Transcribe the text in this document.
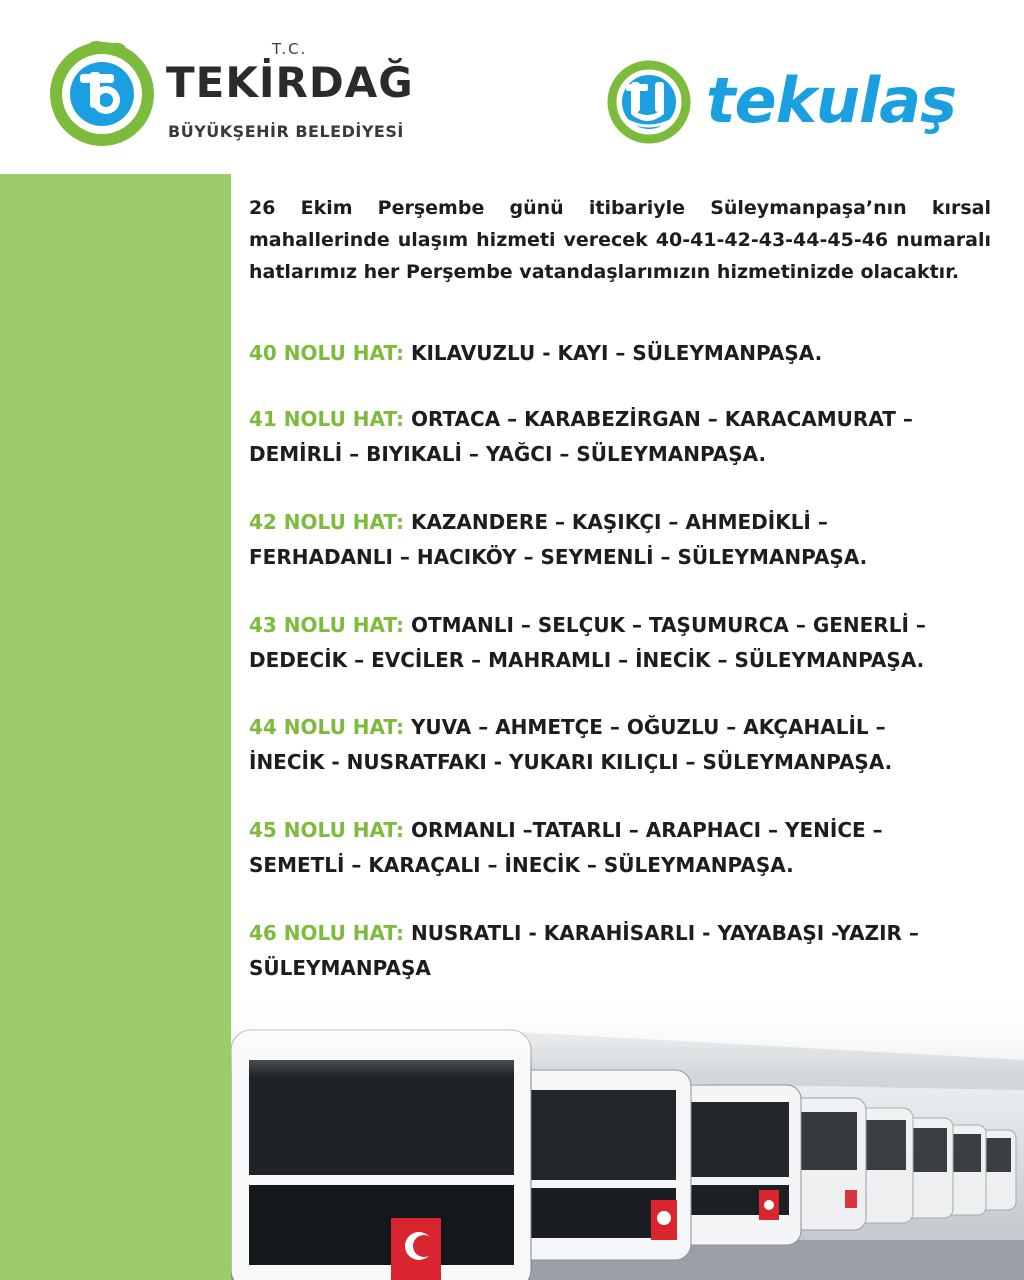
T.C.
TEKİRDAĞ
BÜYÜKŞEHİR BELEDİYESİ	tekulaş

26 Ekim Perşembe günü itibariyle Süleymanpaşa’nın kırsal mahallerinde ulaşım hizmeti verecek 40-41-42-43-44-45-46 numaralı hatlarımız her Perşembe vatandaşlarımızın hizmetinizde olacaktır.

40 NOLU HAT: KILAVUZLU - KAYI – SÜLEYMANPAŞA.

41 NOLU HAT: ORTACA – KARABEZİRGAN – KARACAMURAT –

DEMİRLİ – BIYIKALİ – YAĞCI – SÜLEYMANPAŞA.

42 NOLU HAT: KAZANDERE – KAŞIKÇI – AHMEDİKLİ –

FERHADANLI – HACIKÖY – SEYMENLİ – SÜLEYMANPAŞA.

43 NOLU HAT: OTMANLI – SELÇUK – TAŞUMURCA – GENERLİ –

DEDECİK – EVCİLER – MAHRAMLI – İNECİK – SÜLEYMANPAŞA.

44 NOLU HAT: YUVA – AHMETÇE – OĞUZLU – AKÇAHALİL –

İNECİK - NUSRATFAKI - YUKARI KILIÇLI – SÜLEYMANPAŞA.

45 NOLU HAT: ORMANLI –TATARLI – ARAPHACI – YENİCE –

SEMETLİ – KARAÇALI – İNECİK – SÜLEYMANPAŞA.

46 NOLU HAT: NUSRATLI - KARAHİSARLI - YAYABAŞI -YAZIR –

SÜLEYMANPAŞA
